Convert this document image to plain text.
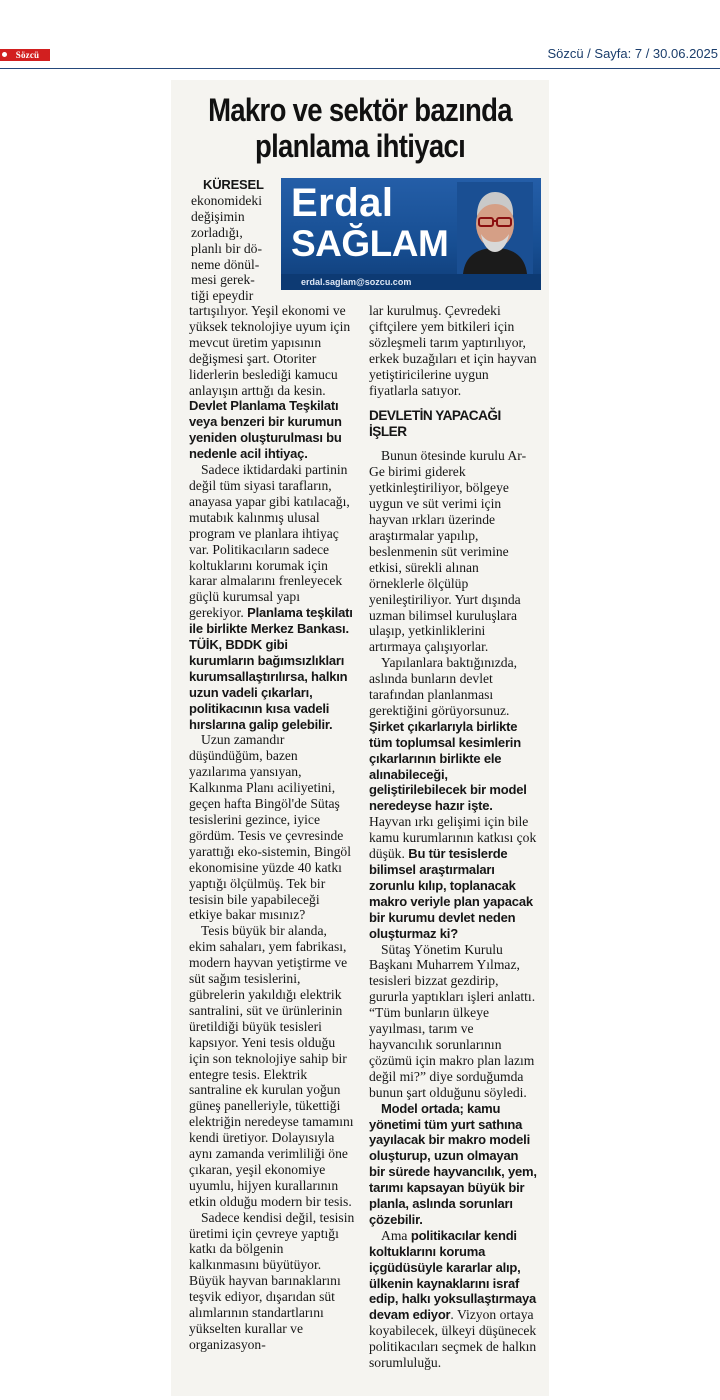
Sözcü	Sözcü / Sayfa: 7 / 30.06.2025
Makro ve sektör bazında
planlama ihtiyacı
Erdal
SAĞLAM
erdal.saglam@sozcu.com

KÜRESEL

ekonomideki

değişimin

zorladığı,

planlı bir dö-

neme dönül-

mesi gerek-

tiği epeydir

tartışılıyor. Yeşil ekonomi ve yüksek teknolojiye uyum için mevcut üretim yapısının değişmesi şart. Otoriter liderlerin beslediği kamucu anlayışın arttığı da kesin. Devlet Planlama Teşkilatı veya benzeri bir kurumun yeniden oluşturulması bu nedenle acil ihtiyaç.

Sadece iktidardaki partinin değil tüm siyasi tarafların, anayasa yapar gibi katılacağı, mutabık kalınmış ulusal program ve planlara ihtiyaç var. Politikacıların sadece koltuklarını korumak için karar almalarını frenleyecek güçlü kurumsal yapı gerekiyor. Planlama teşkilatı ile birlikte Merkez Bankası. TÜİK, BDDK gibi kurumların bağımsızlıkları kurumsallaştırılırsa, halkın uzun vadeli çıkarları, politikacının kısa vadeli hırslarına galip gelebilir.

Uzun zamandır düşündüğüm, bazen yazılarıma yansıyan, Kalkınma Planı aciliyetini, geçen hafta Bingöl'de Sütaş tesislerini gezince, iyice gördüm. Tesis ve çevresinde yarattığı eko-sistemin, Bingöl ekonomisine yüzde 40 katkı yaptığı ölçülmüş. Tek bir tesisin bile yapabileceği etkiye bakar mısınız?

Tesis büyük bir alanda, ekim sahaları, yem fabrikası, modern hayvan yetiştirme ve süt sağım tesislerini, gübrelerin yakıldığı elektrik santralini, süt ve ürünlerinin üretildiği büyük tesisleri kapsıyor. Yeni tesis olduğu için son teknolojiye sahip bir entegre tesis. Elektrik santraline ek kurulan yoğun güneş panelleriyle, tükettiği elektriğin neredeyse tamamını kendi üretiyor. Dolayısıyla aynı zamanda verimliliği öne çıkaran, yeşil ekonomiye uyumlu, hijyen kurallarının etkin olduğu modern bir tesis.

Sadece kendisi değil, tesisin üretimi için çevreye yaptığı katkı da bölgenin kalkınmasını büyütüyor. Büyük hayvan barınaklarını teşvik ediyor, dışarıdan süt alımlarının standartlarını yükselten kurallar ve organizasyon-

lar kurulmuş. Çevredeki çiftçilere yem bitkileri için sözleşmeli tarım yaptırılıyor, erkek buzağıları et için hayvan yetiştiricilerine uygun fiyatlarla satıyor.

DEVLETİN YAPACAĞI İŞLER

Bunun ötesinde kurulu Ar-Ge birimi giderek yetkinleştiriliyor, bölgeye uygun ve süt verimi için hayvan ırkları üzerinde araştırmalar yapılıp, beslenmenin süt verimine etkisi, sürekli alınan örneklerle ölçülüp yenileştiriliyor. Yurt dışında uzman bilimsel kuruluşlara ulaşıp, yetkinliklerini artırmaya çalışıyorlar.

Yapılanlara baktığınızda, aslında bunların devlet tarafından planlanması gerektiğini görüyorsunuz. Şirket çıkarlarıyla birlikte tüm toplumsal kesimlerin çıkarlarının birlikte ele alınabileceği, geliştirilebilecek bir model neredeyse hazır işte. Hayvan ırkı gelişimi için bile kamu kurumlarının katkısı çok düşük. Bu tür tesislerde bilimsel araştırmaları zorunlu kılıp, toplanacak makro veriyle plan yapacak bir kurumu devlet neden oluşturmaz ki?

Sütaş Yönetim Kurulu Başkanı Muharrem Yılmaz, tesisleri bizzat gezdirip, gururla yaptıkları işleri anlattı. “Tüm bunların ülkeye yayılması, tarım ve hayvancılık sorunlarının çözümü için makro plan lazım değil mi?” diye sorduğumda bunun şart olduğunu söyledi.

Model ortada; kamu yönetimi tüm yurt sathına yayılacak bir makro modeli oluşturup, uzun olmayan bir sürede hayvancılık, yem, tarımı kapsayan büyük bir planla, aslında sorunları çözebilir.

Ama politikacılar kendi koltuklarını koruma içgüdüsüyle kararlar alıp, ülkenin kaynaklarını israf edip, halkı yoksullaştırmaya devam ediyor. Vizyon ortaya koyabilecek, ülkeyi düşünecek politikacıları seçmek de halkın sorumluluğu.
